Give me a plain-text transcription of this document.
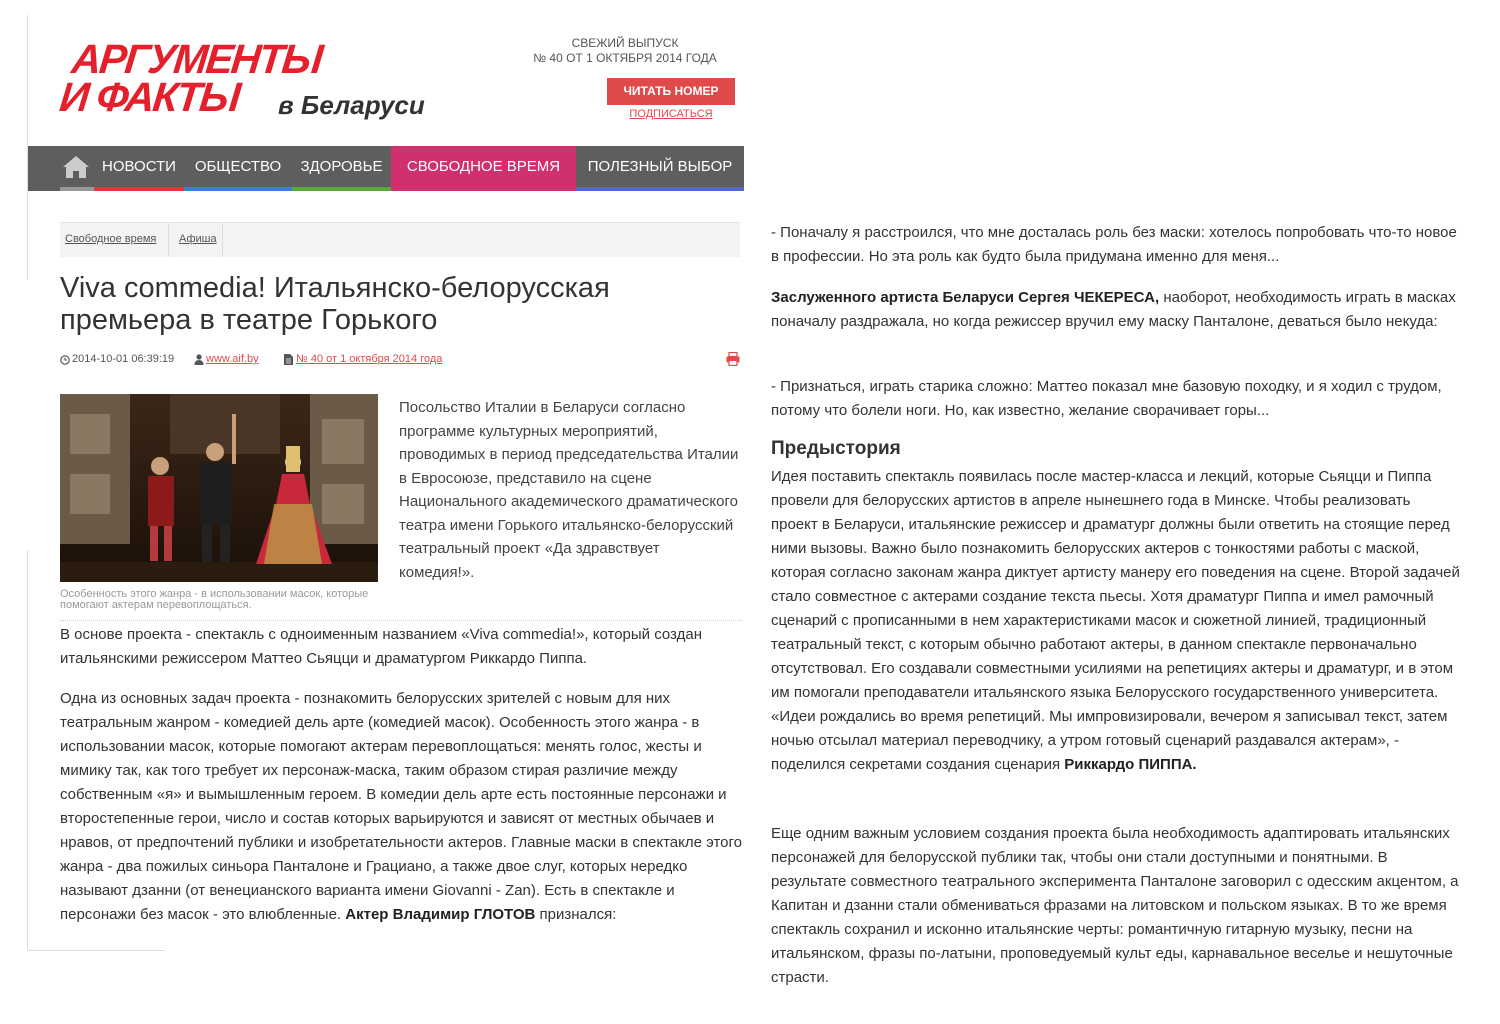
АРГУМЕНТЫ
И ФАКТЫ в Беларуси
СВЕЖИЙ ВЫПУСК
№ 40 ОТ 1 ОКТЯБРЯ 2014 ГОДА
ЧИТАТЬ НОМЕР
ПОДПИСАТЬСЯ
НОВОСТИ	ОБЩЕСТВО	ЗДОРОВЬЕ	СВОБОДНОЕ ВРЕМЯ	ПОЛЕЗНЫЙ ВЫБОР
Свободное время Афиша
Viva commedia! Итальянско-белорусская премьера в театре Горького
2014-10-01 06:39:19	www.aif.by	№ 40 от 1 октября 2014 года
Особенность этого жанра - в использовании масок, которые помогают актерам перевоплощаться.
Посольство Италии в Беларуси согласно программе культурных мероприятий, проводимых в период председательства Италии в Евросоюзе, представило на сцене Национального академического драматического театра имени Горького итальянско-белорусский театральный проект «Да здравствует комедия!».
В основе проекта - спектакль с одноименным названием «Viva commedia!», который создан итальянскими режиссером Маттео Сьяцци и драматургом Риккардо Пиппа.
Одна из основных задач проекта - познакомить белорусских зрителей с новым для них театральным жанром - комедией дель арте (комедией масок). Особенность этого жанра - в использовании масок, которые помогают актерам перевоплощаться: менять голос, жесты и мимику так, как того требует их персонаж-маска, таким образом стирая различие между собственным «я» и вымышленным героем. В комедии дель арте есть постоянные персонажи и второстепенные герои, число и состав которых варьируются и зависят от местных обычаев и нравов, от предпочтений публики и изобретательности актеров. Главные маски в спектакле этого жанра - два пожилых синьора Панталоне и Грациано, а также двое слуг, которых нередко называют дзанни (от венецианского варианта имени Giovanni - Zan). Есть в спектакле и персонажи без масок - это влюбленные. Актер Владимир ГЛОТОВ признался:
- Поначалу я расстроился, что мне досталась роль без маски: хотелось попробовать что-то новое в профессии. Но эта роль как будто была придумана именно для меня...
Заслуженного артиста Беларуси Сергея ЧЕКЕРЕСА, наоборот, необходимость играть в масках поначалу раздражала, но когда режиссер вручил ему маску Панталоне, деваться было некуда:
- Признаться, играть старика сложно: Маттео показал мне базовую походку, и я ходил с трудом, потому что болели ноги. Но, как известно, желание сворачивает горы...
Предыстория
Идея поставить спектакль появилась после мастер-класса и лекций, которые Сьяцци и Пиппа провели для белорусских артистов в апреле нынешнего года в Минске. Чтобы реализовать проект в Беларуси, итальянские режиссер и драматург должны были ответить на стоящие перед ними вызовы. Важно было познакомить белорусских актеров с тонкостями работы с маской, которая согласно законам жанра диктует артисту манеру его поведения на сцене. Второй задачей стало совместное с актерами создание текста пьесы. Хотя драматург Пиппа и имел рамочный сценарий с прописанными в нем характеристиками масок и сюжетной линией, традиционный театральный текст, с которым обычно работают актеры, в данном спектакле первоначально отсутствовал. Его создавали совместными усилиями на репетициях актеры и драматург, и в этом им помогали преподаватели итальянского языка Белорусского государственного университета. «Идеи рождались во время репетиций. Мы импровизировали, вечером я записывал текст, затем ночью отсылал материал переводчику, а утром готовый сценарий раздавался актерам», - поделился секретами создания сценария Риккардо ПИППА.
Еще одним важным условием создания проекта была необходимость адаптировать итальянских персонажей для белорусской публики так, чтобы они стали доступными и понятными. В результате совместного театрального эксперимента Панталоне заговорил с одесским акцентом, а Капитан и дзанни стали обмениваться фразами на литовском и польском языках. В то же время спектакль сохранил и исконно итальянские черты: романтичную гитарную музыку, песни на итальянском, фразы по-латыни, проповедуемый культ еды, карнавальное веселье и нешуточные страсти.
